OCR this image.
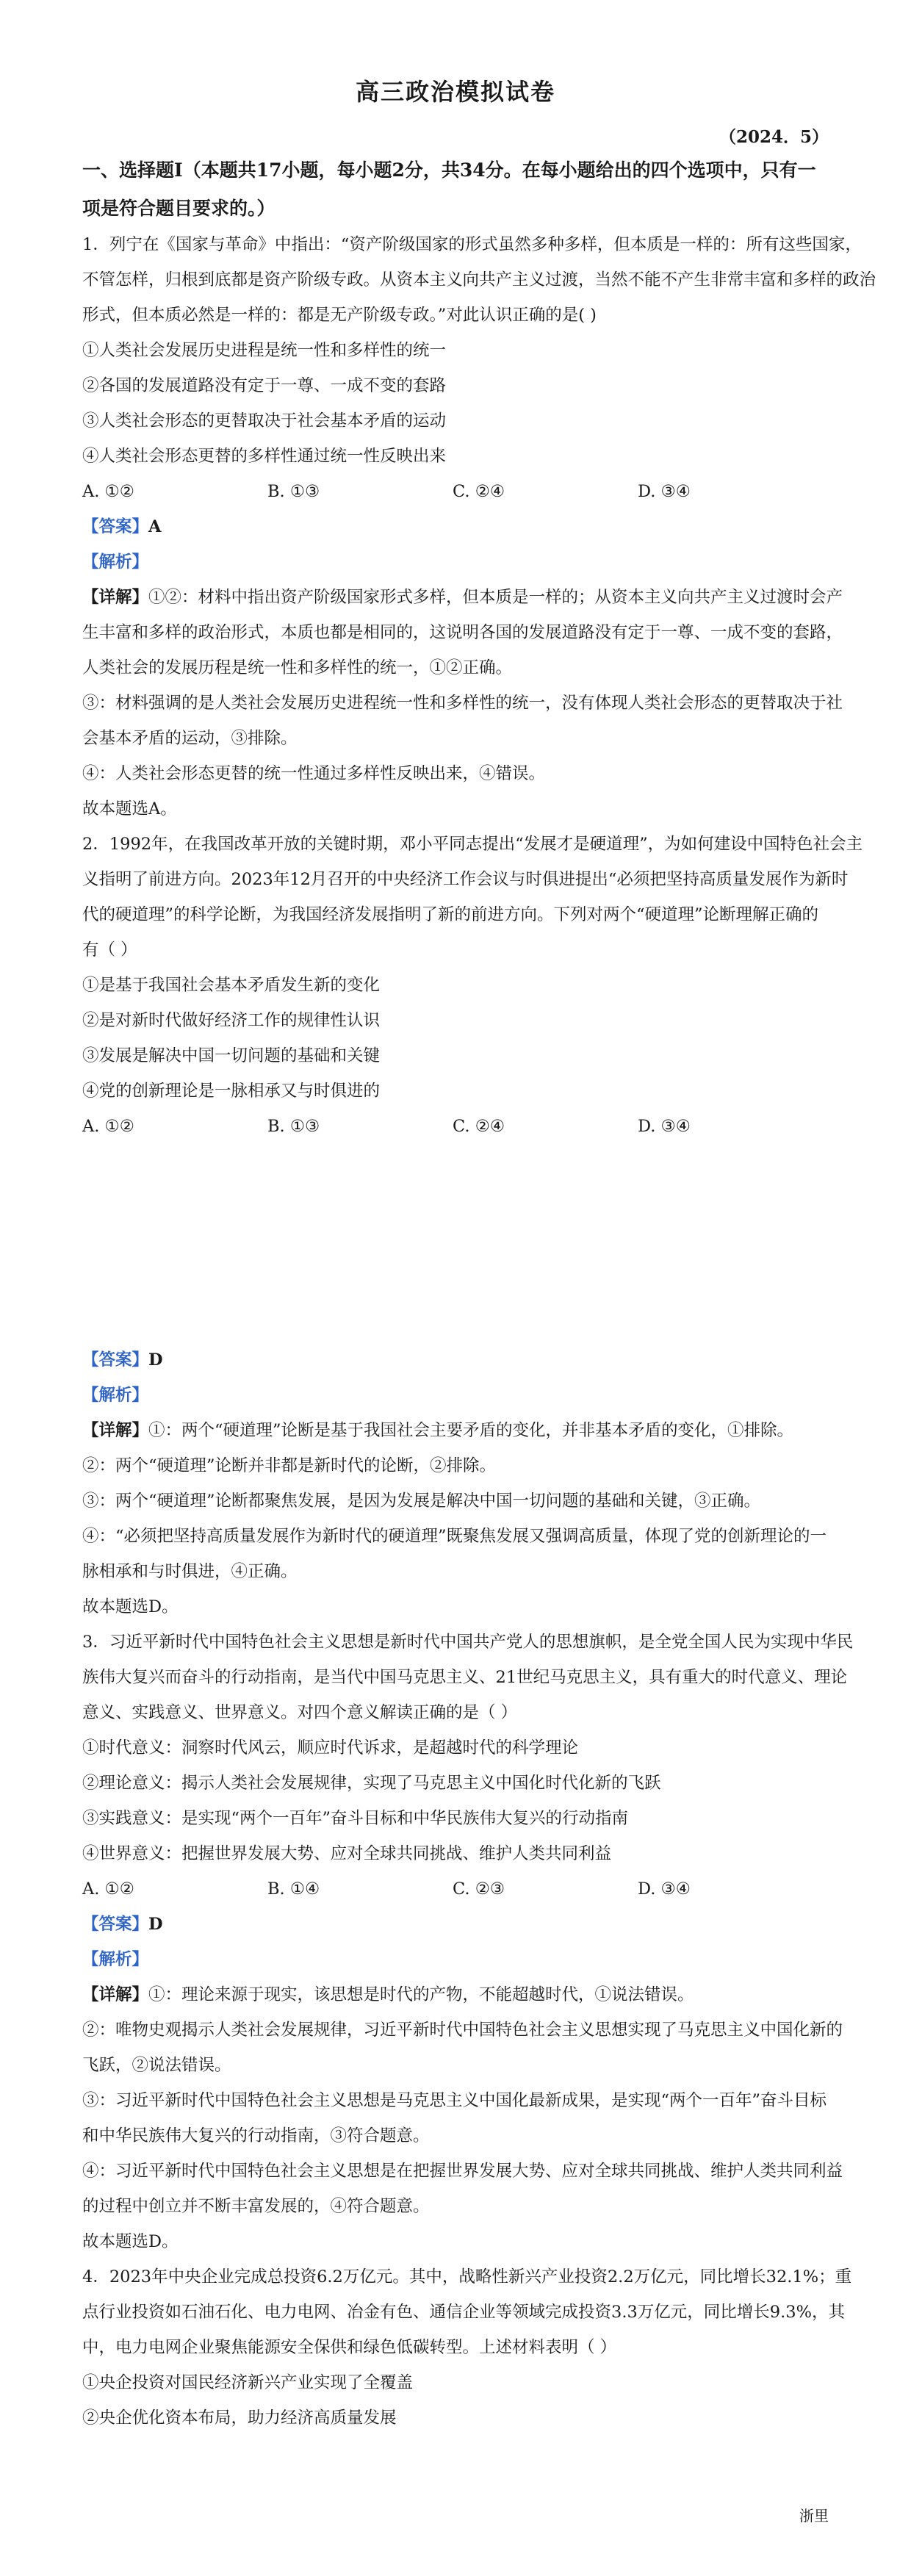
高三政治模拟试卷
（2024．5）
一、选择题Ⅰ（本题共17小题，每小题2分，共34分。在每小题给出的四个选项中，只有一项是符合题目要求的。）
1．列宁在《国家与革命》中指出：“资产阶级国家的形式虽然多种多样，但本质是一样的：所有这些国家，
不管怎样，归根到底都是资产阶级专政。从资本主义向共产主义过渡，当然不能不产生非常丰富和多样的政治
形式，但本质必然是一样的：都是无产阶级专政。”对此认识正确的是( )
①人类社会发展历史进程是统一性和多样性的统一
②各国的发展道路没有定于一尊、一成不变的套路
③人类社会形态的更替取决于社会基本矛盾的运动
④人类社会形态更替的多样性通过统一性反映出来
A. ①②	B. ①③	C. ②④	D. ③④
【答案】A
【解析】
【详解】①②：材料中指出资产阶级国家形式多样，但本质是一样的；从资本主义向共产主义过渡时会产
生丰富和多样的政治形式，本质也都是相同的，这说明各国的发展道路没有定于一尊、一成不变的套路，
人类社会的发展历程是统一性和多样性的统一，①②正确。
③：材料强调的是人类社会发展历史进程统一性和多样性的统一，没有体现人类社会形态的更替取决于社
会基本矛盾的运动，③排除。
④：人类社会形态更替的统一性通过多样性反映出来，④错误。
故本题选A。
2．1992年，在我国改革开放的关键时期，邓小平同志提出“发展才是硬道理”，为如何建设中国特色社会主
义指明了前进方向。2023年12月召开的中央经济工作会议与时俱进提出“必须把坚持高质量发展作为新时
代的硬道理”的科学论断，为我国经济发展指明了新的前进方向。下列对两个“硬道理”论断理解正确的
有（ ）
①是基于我国社会基本矛盾发生新的变化
②是对新时代做好经济工作的规律性认识
③发展是解决中国一切问题的基础和关键
④党的创新理论是一脉相承又与时俱进的
A. ①②	B. ①③	C. ②④	D. ③④
【答案】D
【解析】
【详解】①：两个“硬道理”论断是基于我国社会主要矛盾的变化，并非基本矛盾的变化，①排除。
②：两个“硬道理”论断并非都是新时代的论断，②排除。
③：两个“硬道理”论断都聚焦发展，是因为发展是解决中国一切问题的基础和关键，③正确。
④：“必须把坚持高质量发展作为新时代的硬道理”既聚焦发展又强调高质量，体现了党的创新理论的一
脉相承和与时俱进，④正确。
故本题选D。
3．习近平新时代中国特色社会主义思想是新时代中国共产党人的思想旗帜，是全党全国人民为实现中华民
族伟大复兴而奋斗的行动指南，是当代中国马克思主义、21世纪马克思主义，具有重大的时代意义、理论
意义、实践意义、世界意义。对四个意义解读正确的是（ ）
①时代意义：洞察时代风云，顺应时代诉求，是超越时代的科学理论
②理论意义：揭示人类社会发展规律，实现了马克思主义中国化时代化新的飞跃
③实践意义：是实现“两个一百年”奋斗目标和中华民族伟大复兴的行动指南
④世界意义：把握世界发展大势、应对全球共同挑战、维护人类共同利益
A. ①②	B. ①④	C. ②③	D. ③④
【答案】D
【解析】
【详解】①：理论来源于现实，该思想是时代的产物，不能超越时代，①说法错误。
②：唯物史观揭示人类社会发展规律，习近平新时代中国特色社会主义思想实现了马克思主义中国化新的
飞跃，②说法错误。
③：习近平新时代中国特色社会主义思想是马克思主义中国化最新成果，是实现“两个一百年”奋斗目标
和中华民族伟大复兴的行动指南，③符合题意。
④：习近平新时代中国特色社会主义思想是在把握世界发展大势、应对全球共同挑战、维护人类共同利益
的过程中创立并不断丰富发展的，④符合题意。
故本题选D。
4．2023年中央企业完成总投资6.2万亿元。其中，战略性新兴产业投资2.2万亿元，同比增长32.1%；重
点行业投资如石油石化、电力电网、冶金有色、通信企业等领域完成投资3.3万亿元，同比增长9.3%，其
中，电力电网企业聚焦能源安全保供和绿色低碳转型。上述材料表明（ ）
①央企投资对国民经济新兴产业实现了全覆盖
②央企优化资本布局，助力经济高质量发展
浙里
